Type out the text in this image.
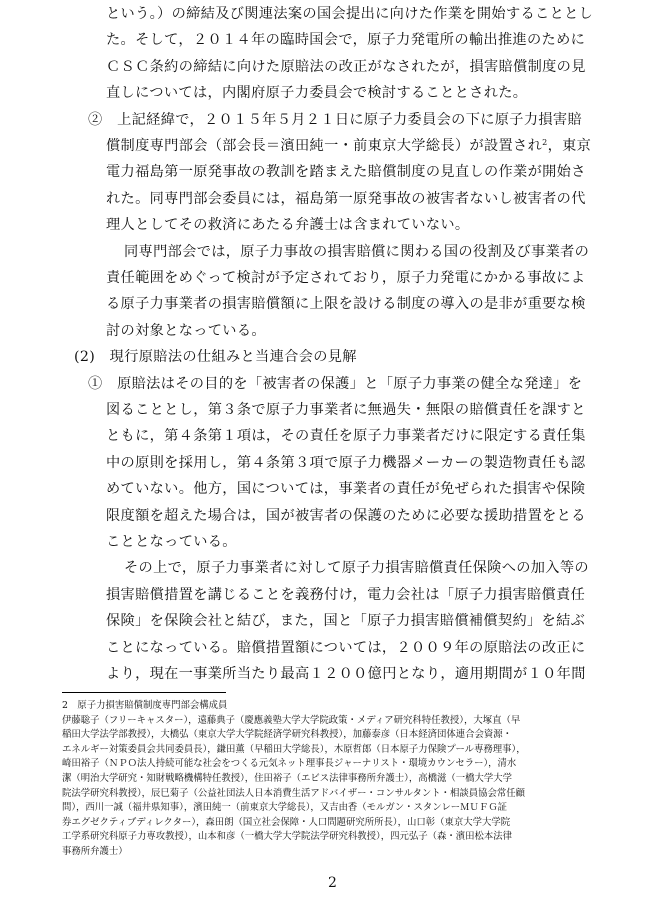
という。）の締結及び関連法案の国会提出に向けた作業を開始することとし
た。そして，２０１４年の臨時国会で，原子力発電所の輸出推進のために
ＣＳＣ条約の締結に向けた原賠法の改正がなされたが，損害賠償制度の見
直しについては，内閣府原子力委員会で検討することとされた。
②　上記経緯で，２０１５年５月２１日に原子力委員会の下に原子力損害賠
償制度専門部会（部会長＝濱田純一・前東京大学総長）が設置され$^2$，東京
電力福島第一原発事故の教訓を踏まえた賠償制度の見直しの作業が開始さ
れた。同専門部会委員には，福島第一原発事故の被害者ないし被害者の代
理人としてその救済にあたる弁護士は含まれていない。
同専門部会では，原子力事故の損害賠償に関わる国の役割及び事業者の
責任範囲をめぐって検討が予定されており，原子力発電にかかる事故によ
る原子力事業者の損害賠償額に上限を設ける制度の導入の是非が重要な検
討の対象となっている。
(2)　現行原賠法の仕組みと当連合会の見解
①　原賠法はその目的を「被害者の保護」と「原子力事業の健全な発達」を
図ることとし，第３条で原子力事業者に無過失・無限の賠償責任を課すと
ともに，第４条第１項は，その責任を原子力事業者だけに限定する責任集
中の原則を採用し，第４条第３項で原子力機器メーカーの製造物責任も認
めていない。他方，国については，事業者の責任が免ぜられた損害や保険
限度額を超えた場合は，国が被害者の保護のために必要な援助措置をとる
こととなっている。
その上で，原子力事業者に対して原子力損害賠償責任保険への加入等の
損害賠償措置を講じることを義務付け，電力会社は「原子力損害賠償責任
保険」を保険会社と結び，また，国と「原子力損害賠償補償契約」を結ぶ
ことになっている。賠償措置額については，２００９年の原賠法の改正に
より，現在一事業所当たり最高１２００億円となり，適用期間が１０年間
2　原子力損害賠償制度専門部会構成員
伊藤聡子（フリーキャスター），遠藤典子（慶應義塾大学大学院政策・メディア研究科特任教授），大塚直（早
稲田大学法学部教授），大橋弘（東京大学大学院経済学研究科教授），加藤泰彦（日本経済団体連合会資源・
エネルギー対策委員会共同委員長），鎌田薫（早稲田大学総長），木原哲郎（日本原子力保険プール専務理事），
崎田裕子（ＮＰＯ法人持続可能な社会をつくる元気ネット理事長ジャーナリスト・環境カウンセラー），清水
潔（明治大学研究・知財戦略機構特任教授），住田裕子（エビス法律事務所弁護士），高橋滋（一橋大学大学
院法学研究科教授），辰巳菊子（公益社団法人日本消費生活アドバイザー・コンサルタント・相談員協会常任顧
問），西川一誠（福井県知事），濱田純一（前東京大学総長），又吉由香（モルガン・スタンレーＭＵＦＧ証
券エグゼクティブディレクター），森田朗（国立社会保障・人口問題研究所所長），山口彰（東京大学大学院
工学系研究科原子力専攻教授），山本和彦（一橋大学大学院法学研究科教授），四元弘子（森・濱田松本法律
事務所弁護士）
2
